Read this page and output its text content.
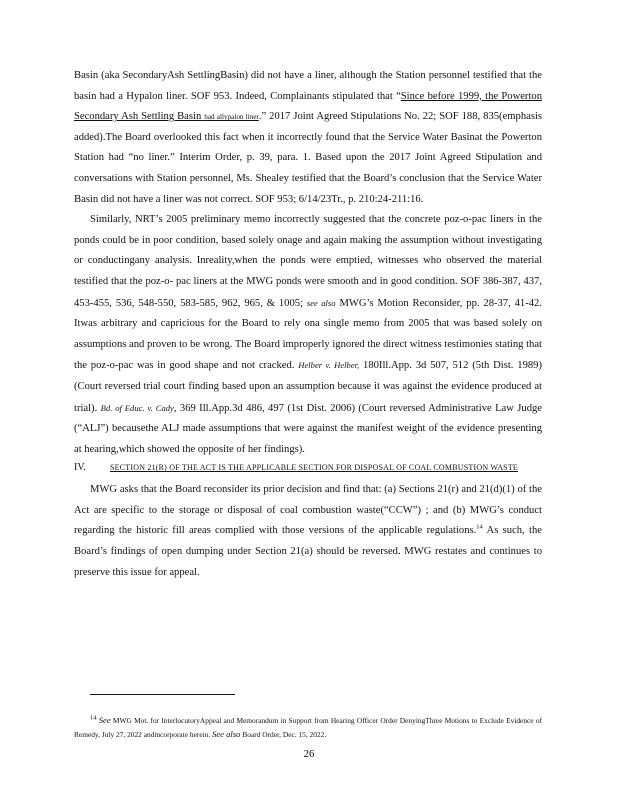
Basin (aka SecondaryAsh SettlingBasin) did not have a liner, although the Station personnel testified that the basin had a Hypalon liner. SOF 953. Indeed, Complainants stipulated that “Since before 1999, the Powerton Secondary Ash Settling Basin had allypalon liner.” 2017 Joint Agreed Stipulations No. 22; SOF 188, 835(emphasis added).The Board overlooked this fact when it incorrectly found that the Service Water Basinat the Powerton Station had “no liner.” Interim Order, p. 39, para. 1. Based upon the 2017 Joint Agreed Stipulation and conversations with Station personnel, Ms. Shealey testified that the Board’s conclusion that the Service Water Basin did not have a liner was not correct. SOF 953; 6/14/23Tr., p. 210:24-211:16.

Similarly, NRT’s 2005 preliminary memo incorrectly suggested that the concrete poz-o-pac liners in the ponds could be in poor condition, based solely onage and again making the assumption without investigating or conductingany analysis. Inreality,when the ponds were emptied, witnesses who observed the material testified that the poz-o- pac liners at the MWG ponds were smooth and in good condition. SOF 386-387, 437, 453-455, 536, 548-550, 583-585, 962, 965, & 1005; see also MWG’s Motion Reconsider, pp. 28-37, 41-42. Itwas arbitrary and capricious for the Board to rely ona single memo from 2005 that was based solely on assumptions and proven to be wrong. The Board improperly ignored the direct witness testimonies stating that the poz-o-pac was in good shape and not cracked. Helber v. Helber, 180Ill.App. 3d 507, 512 (5th Dist. 1989) (Court reversed trial court finding based upon an assumption because it was against the evidence produced at trial). Bd. of Educ. v. Cady, 369 Ill.App.3d 486, 497 (1st Dist. 2006) (Court reversed Administrative Law Judge (“ALJ”) becausethe ALJ made assumptions that were against the manifest weight of the evidence presenting at hearing,which showed the opposite of her findings).

IV.	SECTION 21(R) OF THE ACT IS THE APPLICABLE SECTION FOR DISPOSAL OF COAL COMBUSTION WASTE

MWG asks that the Board reconsider its prior decision and find that: (a) Sections 21(r) and 21(d)(1) of the Act are specific to the storage or disposal of coal combustion waste(“CCW”) ; and (b) MWG’s conduct regarding the historic fill areas complied with those versions of the applicable regulations.$^{14}$ As such, the Board’s findings of open dumping under Section 21(a) should be reversed. MWG restates and continues to preserve this issue for appeal.

14 See MWG Mot. for InterlocutoryAppeal and Memorandum in Support from Hearing Officer Order DenyingThree Motions to Exclude Evidence of Remedy, July 27, 2022 andincorporate herein. See also Board Order, Dec. 15, 2022.

26
